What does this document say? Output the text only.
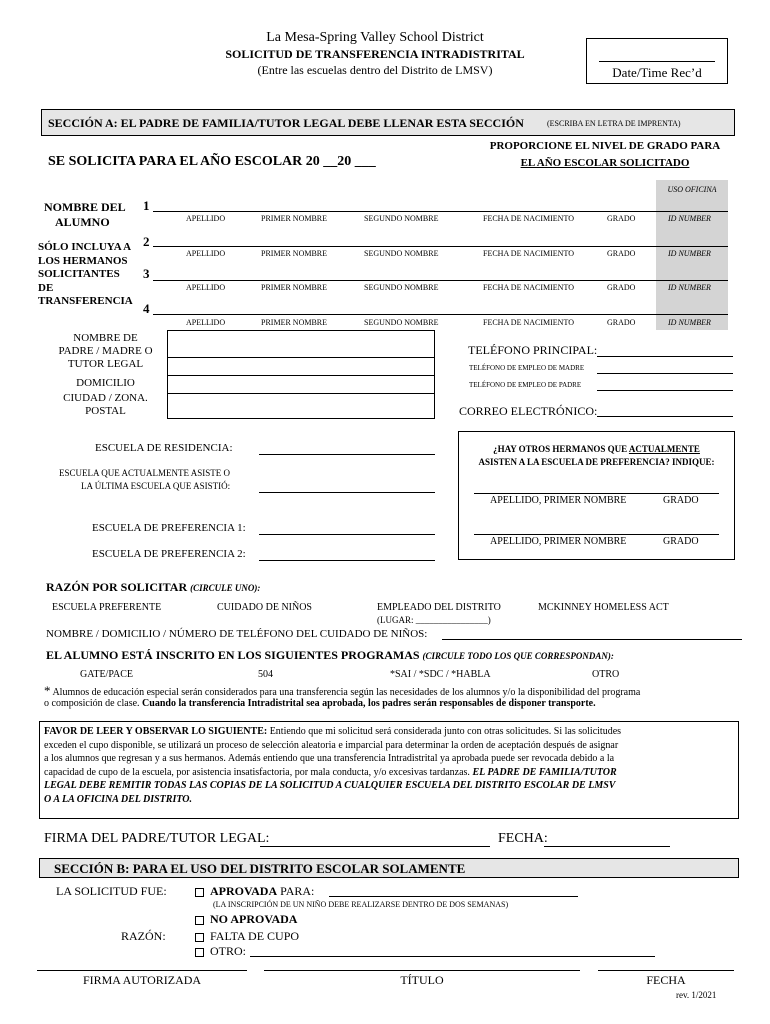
La Mesa-Spring Valley School District
SOLICITUD DE TRANSFERENCIA INTRADISTRITAL
(Entre las escuelas dentro del Distrito de LMSV)	Date/Time Rec’d
SECCIÓN A: EL PADRE DE FAMILIA/TUTOR LEGAL DEBE LLENAR ESTA SECCIÓN	(ESCRIBA EN LETRA DE IMPRENTA)
SE SOLICITA PARA EL AÑO ESCOLAR 20 __20 ___
PROPORCIONE EL NIVEL DE GRADO PARA
EL AÑO ESCOLAR SOLICITADO
USO OFICINA
NOMBRE DEL
ALUMNO
SÓLO INCLUYA A
LOS HERMANOS
SOLICITANTES
DE
TRANSFERENCIA
1
2
3
4
APELLIDO	PRIMER NOMBRE	SEGUNDO NOMBRE	FECHA DE NACIMIENTO	GRADO	ID NUMBER
APELLIDO	PRIMER NOMBRE	SEGUNDO NOMBRE	FECHA DE NACIMIENTO	GRADO	ID NUMBER
APELLIDO	PRIMER NOMBRE	SEGUNDO NOMBRE	FECHA DE NACIMIENTO	GRADO	ID NUMBER
APELLIDO	PRIMER NOMBRE	SEGUNDO NOMBRE	FECHA DE NACIMIENTO	GRADO	ID NUMBER
NOMBRE DE
PADRE / MADRE O
TUTOR LEGAL
DOMICILIO
CIUDAD / ZONA.
POSTAL
TELÉFONO PRINCIPAL:
TELÉFONO DE EMPLEO DE MADRE
TELÉFONO DE EMPLEO DE PADRE
CORREO ELECTRÓNICO:
ESCUELA DE RESIDENCIA:
ESCUELA QUE ACTUALMENTE ASISTE O
LA ÚLTIMA ESCUELA QUE ASISTIÓ:
ESCUELA DE PREFERENCIA 1:
ESCUELA DE PREFERENCIA 2:
¿HAY OTROS HERMANOS QUE ACTUALMENTE
ASISTEN A LA ESCUELA DE PREFERENCIA? INDIQUE:
APELLIDO, PRIMER NOMBRE	GRADO
APELLIDO, PRIMER NOMBRE	GRADO
RAZÓN POR SOLICITAR (CIRCULE UNO):
ESCUELA PREFERENTE	CUIDADO DE NIÑOS	EMPLEADO DEL DISTRITO
(LUGAR: ________________)
MCKINNEY HOMELESS ACT
NOMBRE / DOMICILIO / NÚMERO DE TELÉFONO DEL CUIDADO DE NIÑOS:
EL ALUMNO ESTÁ INSCRITO EN LOS SIGUIENTES PROGRAMAS (CIRCULE TODO LOS QUE CORRESPONDAN):
GATE/PACE	504	*SAI / *SDC / *HABLA	OTRO
* Alumnos de educación especial serán considerados para una transferencia según las necesidades de los alumnos y/o la disponibilidad del programa
o composición de clase. Cuando la transferencia Intradistrital sea aprobada, los padres serán responsables de disponer transporte.
FAVOR DE LEER Y OBSERVAR LO SIGUIENTE: Entiendo que mi solicitud será considerada junto con otras solicitudes. Si las solicitudes
exceden el cupo disponible, se utilizará un proceso de selección aleatoria e imparcial para determinar la orden de aceptación después de asignar
a los alumnos que regresan y a sus hermanos. Además entiendo que una transferencia Intradistrital ya aprobada puede ser revocada debido a la
capacidad de cupo de la escuela, por asistencia insatisfactoria, por mala conducta, y/o excesivas tardanzas. EL PADRE DE FAMILIA/TUTOR
LEGAL DEBE REMITIR TODAS LAS COPIAS DE LA SOLICITUD A CUALQUIER ESCUELA DEL DISTRITO ESCOLAR DE LMSV
O A LA OFICINA DEL DISTRITO.
FIRMA DEL PADRE/TUTOR LEGAL:	FECHA:
SECCIÓN B: PARA EL USO DEL DISTRITO ESCOLAR SOLAMENTE
LA SOLICITUD FUE:	APROVADA PARA:
(LA INSCRIPCIÓN DE UN NIÑO DEBE REALIZARSE DENTRO DE DOS SEMANAS)
NO APROVADA
RAZÓN:	FALTA DE CUPO
OTRO:
FIRMA AUTORIZADA	TÍTULO	FECHA
rev. 1/2021
